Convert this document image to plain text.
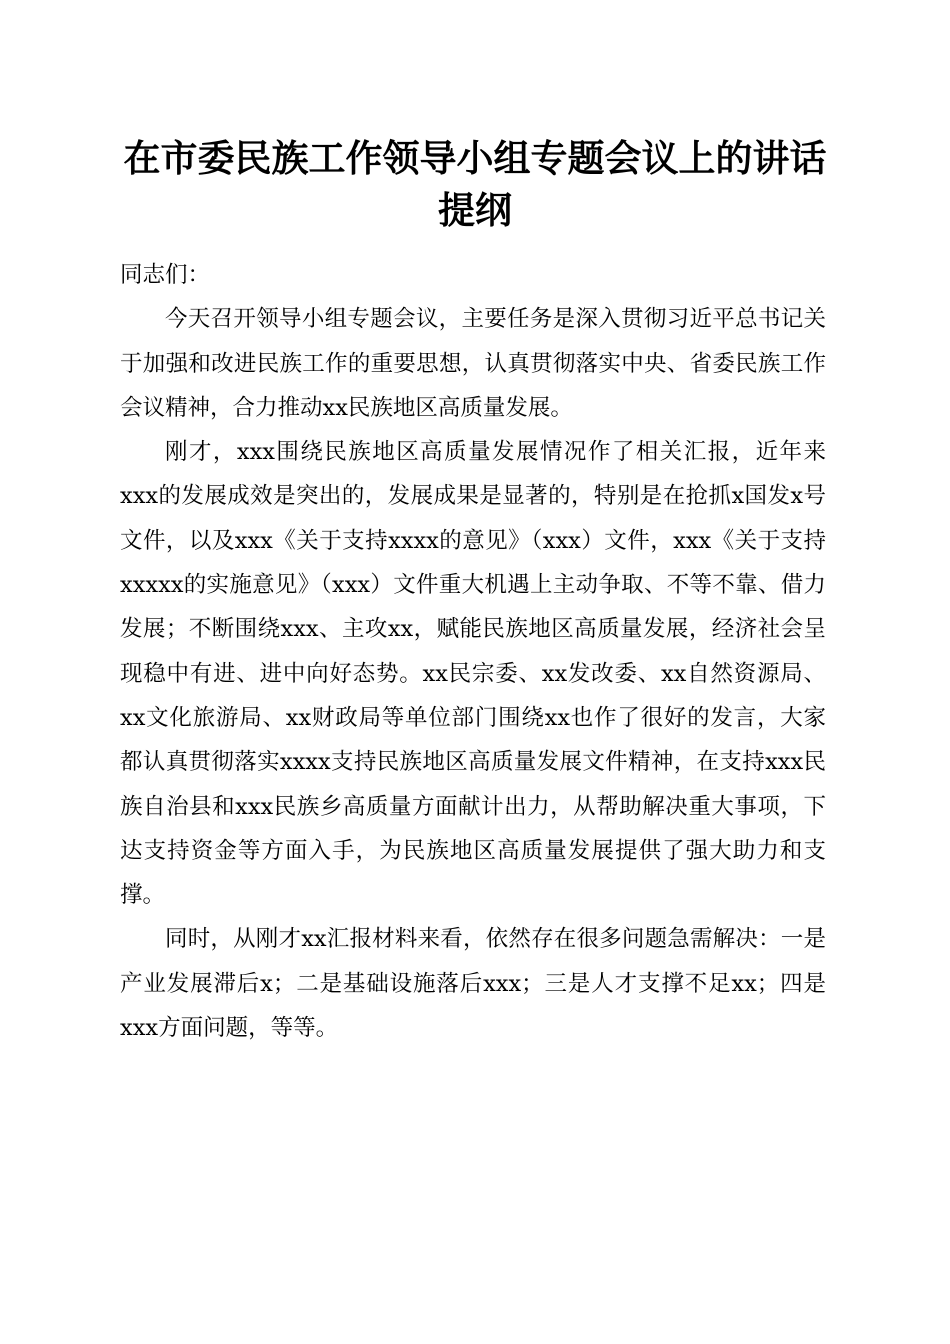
在市委民族工作领导小组专题会议上的讲话提纲

同志们：

今天召开领导小组专题会议，主要任务是深入贯彻习近平总书记关于加强和改进民族工作的重要思想，认真贯彻落实中央、省委民族工作会议精神，合力推动xx民族地区高质量发展。

刚才，xxx围绕民族地区高质量发展情况作了相关汇报，近年来xxx的发展成效是突出的，发展成果是显著的，特别是在抢抓x国发x号文件，以及xxx《关于支持xxxx的意见》（xxx）文件，xxx《关于支持xxxxx的实施意见》（xxx）文件重大机遇上主动争取、不等不靠、借力发展；不断围绕xxx、主攻xx，赋能民族地区高质量发展，经济社会呈现稳中有进、进中向好态势。xx民宗委、xx发改委、xx自然资源局、xx文化旅游局、xx财政局等单位部门围绕xx也作了很好的发言，大家都认真贯彻落实xxxx支持民族地区高质量发展文件精神，在支持xxx民族自治县和xxx民族乡高质量方面献计出力，从帮助解决重大事项，下达支持资金等方面入手，为民族地区高质量发展提供了强大助力和支撑。

同时，从刚才xx汇报材料来看，依然存在很多问题急需解决：一是产业发展滞后x；二是基础设施落后xxx；三是人才支撑不足xx；四是xxx方面问题，等等。
